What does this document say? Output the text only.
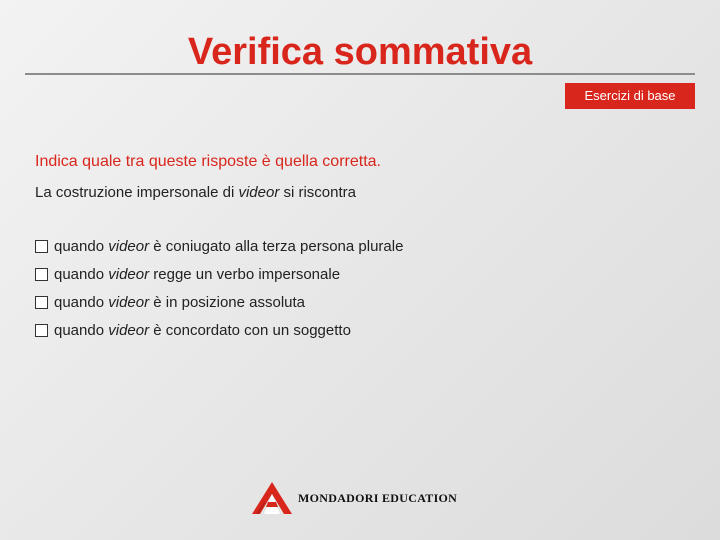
Verifica sommativa
Esercizi di base
Indica quale tra queste risposte è quella corretta.
La costruzione impersonale di videor si riscontra
quando videor è coniugato alla terza persona plurale
quando videor regge un verbo impersonale
quando videor è in posizione assoluta
quando videor è concordato con un soggetto
MONDADORI EDUCATION
